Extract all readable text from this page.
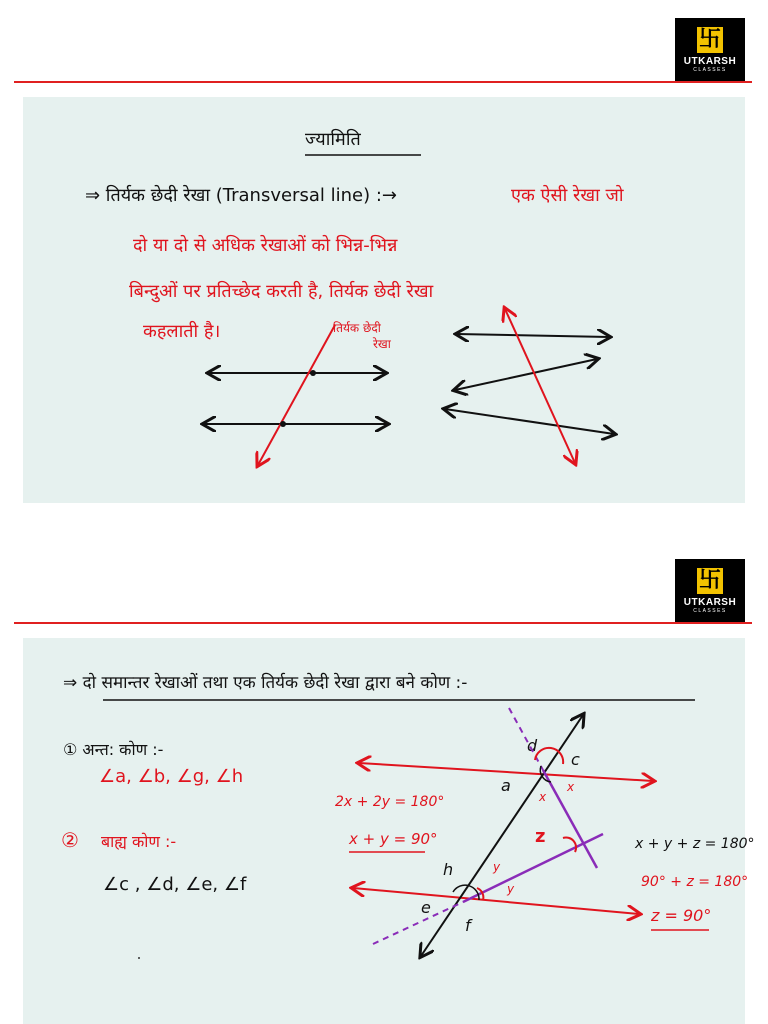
卐
UTKARSH
CLASSES
ज्यामिति
⇒ तिर्यक छेदी रेखा (Transversal line) :→	एक ऐसी रेखा जो
दो या दो से अधिक रेखाओं को भिन्न-भिन्न
बिन्दुओं पर प्रतिच्छेद करती है, तिर्यक छेदी रेखा
कहलाती है।	तिर्यक छेदी
रेखा
卐
UTKARSH
CLASSES
⇒ दो समान्तर रेखाओं तथा एक तिर्यक छेदी रेखा द्वारा बने कोण :-
① अन्त: कोण :-
∠a, ∠b, ∠g, ∠h
② बाह्य कोण :-
∠c , ∠d, ∠e, ∠f
2x + 2y = 180°
x + y = 90°	x + y + z = 180°
90° + z = 180°
z = 90°
d
c
a
x
x
z
h	y
y
e
f
